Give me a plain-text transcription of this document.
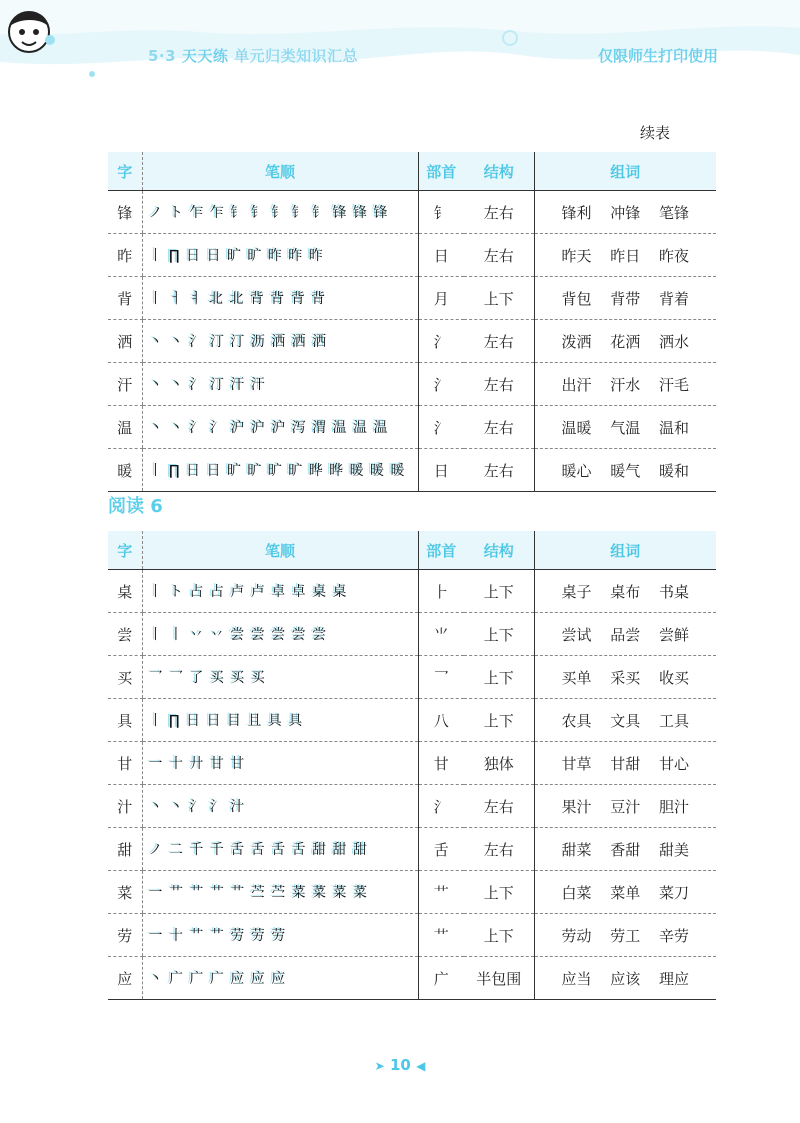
5·3 天天练 单元归类知识汇总	仅限师生打印使用
续表
字	笔顺	部首	结构	组词
锋	ノ ト 乍 乍 钅 钅 钅 钅 钅 锋 锋 锋	钅	左右	锋利 冲锋 笔锋
昨	丨 ∏ 日 日 旷 旷 昨 昨 昨	日	左右	昨天 昨日 昨夜
背	丨 ㅓ ㅕ 北 北 背 背 背 背	月	上下	背包 背带 背着
洒	丶 丶 氵 汀 汀 沥 洒 洒 洒	氵	左右	泼洒 花洒 洒水
汗	丶 丶 氵 汀 汗 汗	氵	左右	出汗 汗水 汗毛
温	丶 丶 氵 氵 沪 沪 沪 泻 渭 温 温 温	氵	左右	温暖 气温 温和
暖	丨 ∏ 日 日 旷 旷 旷 旷 晔 晔 暖 暖 暖	日	左右	暖心 暖气 暖和
阅读 6
字	笔顺	部首	结构	组词
桌	丨 ト 占 占 卢 卢 卓 卓 桌 桌	⺊	上下	桌子 桌布 书桌
尝	丨 丨 丷 丷 尝 尝 尝 尝 尝	⺌	上下	尝试 品尝 尝鲜
买	乛 乛 了 买 买 买	乛	上下	买单 采买 收买
具	丨 ∏ 日 日 目 且 具 具	八	上下	农具 文具 工具
甘	一 十 廾 甘 甘	甘	独体	甘草 甘甜 甘心
汁	丶 丶 氵 氵 汁	氵	左右	果汁 豆汁 胆汁
甜	ノ 二 千 千 舌 舌 舌 舌 甜 甜 甜	舌	左右	甜菜 香甜 甜美
菜	一 ⺾ ⺾ 艹 艹 苎 苎 菜 菜 菜 菜	艹	上下	白菜 菜单 菜刀
劳	一 十 艹 艹 劳 劳 劳	艹	上下	劳动 劳工 辛劳
应	丶 广 广 广 应 应 应	广	半包围	应当 应该 理应
➤ 10 ◀
